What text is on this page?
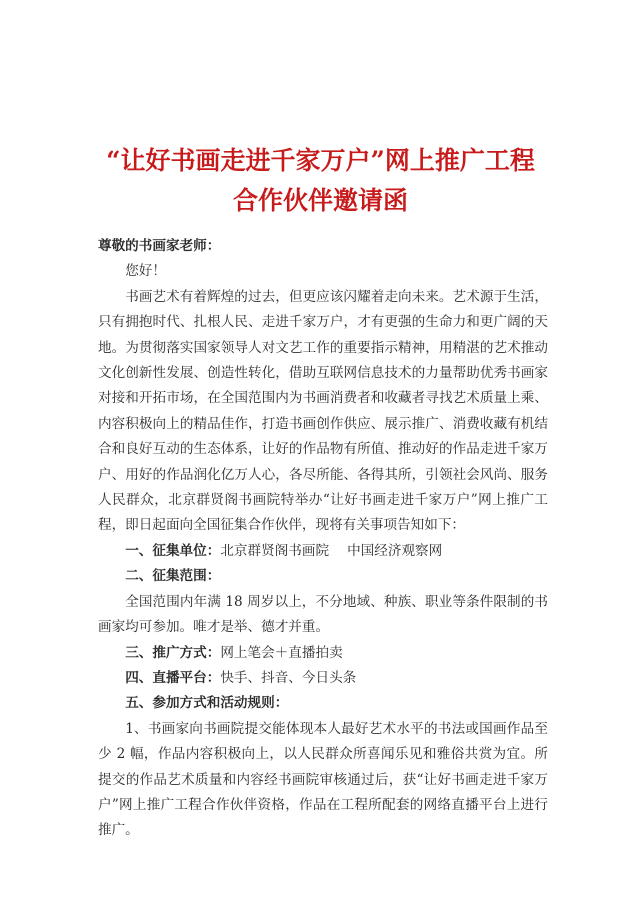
“让好书画走进千家万户”网上推广工程
合作伙伴邀请函

尊敬的书画家老师：

您好！

书画艺术有着辉煌的过去，但更应该闪耀着走向未来。艺术源于生活，只有拥抱时代、扎根人民、走进千家万户，才有更强的生命力和更广阔的天地。为贯彻落实国家领导人对文艺工作的重要指示精神，用精湛的艺术推动文化创新性发展、创造性转化，借助互联网信息技术的力量帮助优秀书画家对接和开拓市场，在全国范围内为书画消费者和收藏者寻找艺术质量上乘、内容积极向上的精品佳作，打造书画创作供应、展示推广、消费收藏有机结合和良好互动的生态体系，让好的作品物有所值、推动好的作品走进千家万户、用好的作品润化亿万人心，各尽所能、各得其所，引领社会风尚、服务人民群众，北京群贤阁书画院特举办“让好书画走进千家万户”网上推广工程，即日起面向全国征集合作伙伴，现将有关事项告知如下：

一、征集单位：北京群贤阁书画院 中国经济观察网

二、征集范围：

全国范围内年满 18 周岁以上，不分地域、种族、职业等条件限制的书画家均可参加。唯才是举、德才并重。

三、推广方式：网上笔会＋直播拍卖

四、直播平台：快手、抖音、今日头条

五、参加方式和活动规则：

1、书画家向书画院提交能体现本人最好艺术水平的书法或国画作品至少 2 幅，作品内容积极向上，以人民群众所喜闻乐见和雅俗共赏为宜。所提交的作品艺术质量和内容经书画院审核通过后，获“让好书画走进千家万户”网上推广工程合作伙伴资格，作品在工程所配套的网络直播平台上进行推广。
